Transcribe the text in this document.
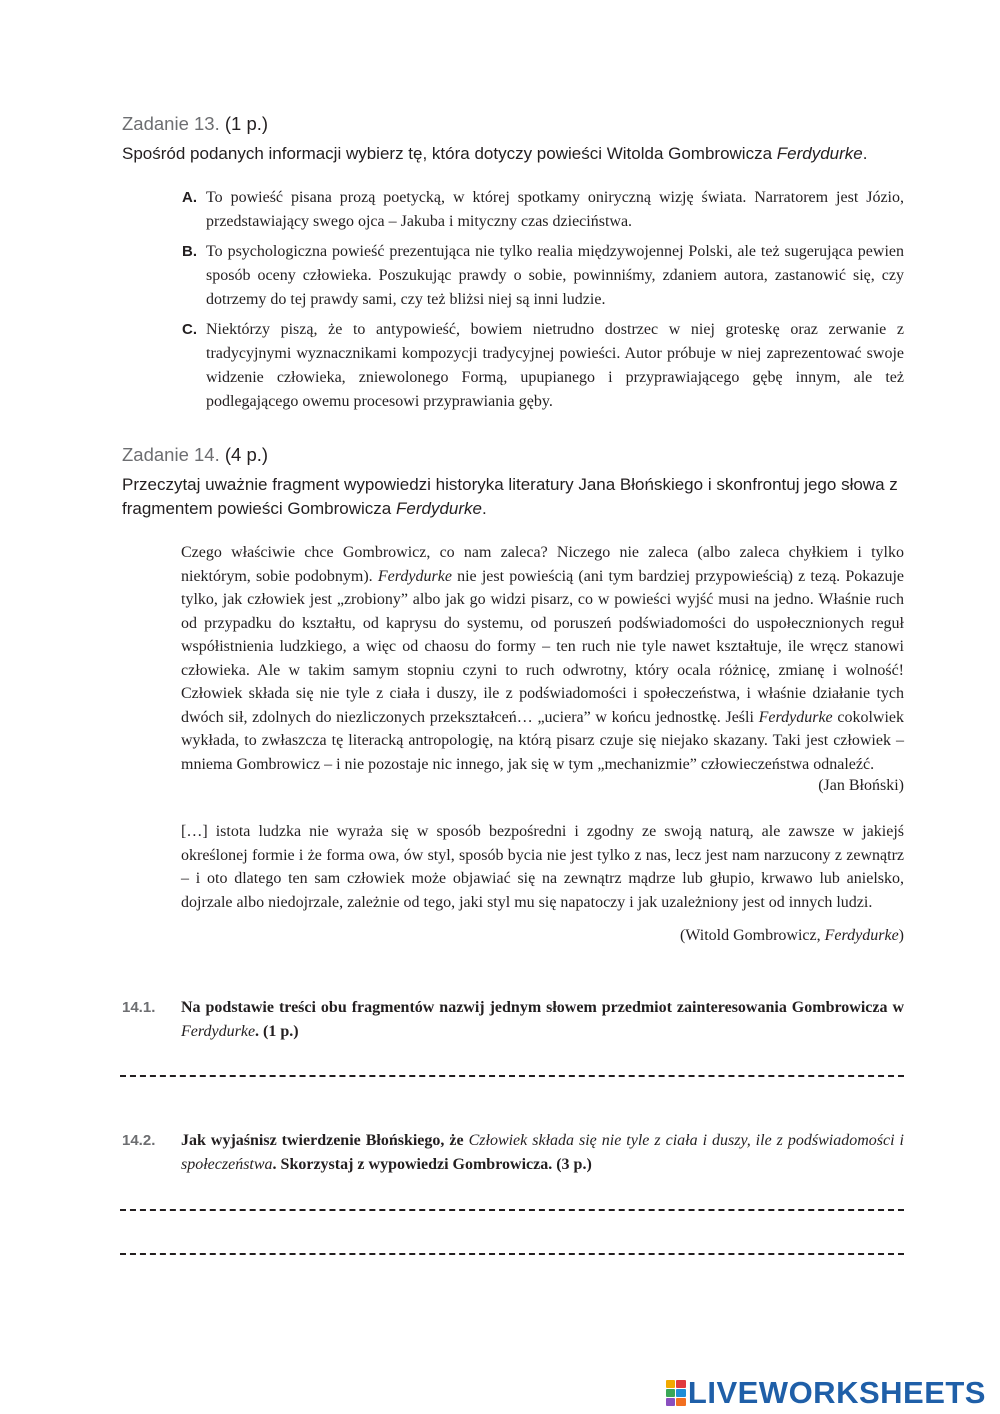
Zadanie 13. (1 p.)
Spośród podanych informacji wybierz tę, która dotyczy powieści Witolda Gombrowicza Ferdydurke.
A. To powieść pisana prozą poetycką, w której spotkamy oniryczną wizję świata. Narratorem jest Józio, przedstawiający swego ojca – Jakuba i mityczny czas dzieciństwa.
B. To psychologiczna powieść prezentująca nie tylko realia międzywojennej Polski, ale też sugerująca pewien sposób oceny człowieka. Poszukując prawdy o sobie, powinniśmy, zdaniem autora, zastanowić się, czy dotrzemy do tej prawdy sami, czy też bliżsi niej są inni ludzie.
C. Niektórzy piszą, że to antypowieść, bowiem nietrudno dostrzec w niej groteskę oraz zerwanie z tradycyjnymi wyznacznikami kompozycji tradycyjnej powieści. Autor próbuje w niej zaprezentować swoje widzenie człowieka, zniewolonego Formą, upupianego i przyprawiającego gębę innym, ale też podlegającego owemu procesowi przyprawiania gęby.
Zadanie 14. (4 p.)
Przeczytaj uważnie fragment wypowiedzi historyka literatury Jana Błońskiego i skonfrontuj jego słowa z fragmentem powieści Gombrowicza Ferdydurke.
Czego właściwie chce Gombrowicz, co nam zaleca? Niczego nie zaleca (albo zaleca chyłkiem i tylko niektórym, sobie podobnym). Ferdydurke nie jest powieścią (ani tym bardziej przypowieścią) z tezą. Pokazuje tylko, jak człowiek jest „zrobiony” albo jak go widzi pisarz, co w powieści wyjść musi na jedno. Właśnie ruch od przypadku do kształtu, od kaprysu do systemu, od poruszeń podświadomości do uspołecznionych reguł współistnienia ludzkiego, a więc od chaosu do formy – ten ruch nie tyle nawet kształtuje, ile wręcz stanowi człowieka. Ale w takim samym stopniu czyni to ruch odwrotny, który ocala różnicę, zmianę i wolność! Człowiek składa się nie tyle z ciała i duszy, ile z podświadomości i społeczeństwa, i właśnie działanie tych dwóch sił, zdolnych do niezliczonych przekształceń… „uciera” w końcu jednostkę. Jeśli Ferdydurke cokolwiek wykłada, to zwłaszcza tę literacką antropologię, na którą pisarz czuje się niejako skazany. Taki jest człowiek – mniema Gombrowicz – i nie pozostaje nic innego, jak się w tym „mechanizmie” człowieczeństwa odnaleźć.
(Jan Błoński)
[…] istota ludzka nie wyraża się w sposób bezpośredni i zgodny ze swoją naturą, ale zawsze w jakiejś określonej formie i że forma owa, ów styl, sposób bycia nie jest tylko z nas, lecz jest nam narzucony z zewnątrz – i oto dlatego ten sam człowiek może objawiać się na zewnątrz mądrze lub głupio, krwawo lub anielsko, dojrzale albo niedojrzale, zależnie od tego, jaki styl mu się napatoczy i jak uzależniony jest od innych ludzi.
(Witold Gombrowicz, Ferdydurke)
14.1. Na podstawie treści obu fragmentów nazwij jednym słowem przedmiot zainteresowania Gombrowicza w Ferdydurke. (1 p.)
14.2. Jak wyjaśnisz twierdzenie Błońskiego, że Człowiek składa się nie tyle z ciała i duszy, ile z podświadomości i społeczeństwa. Skorzystaj z wypowiedzi Gombrowicza. (3 p.)
LIVEWORKSHEETS
